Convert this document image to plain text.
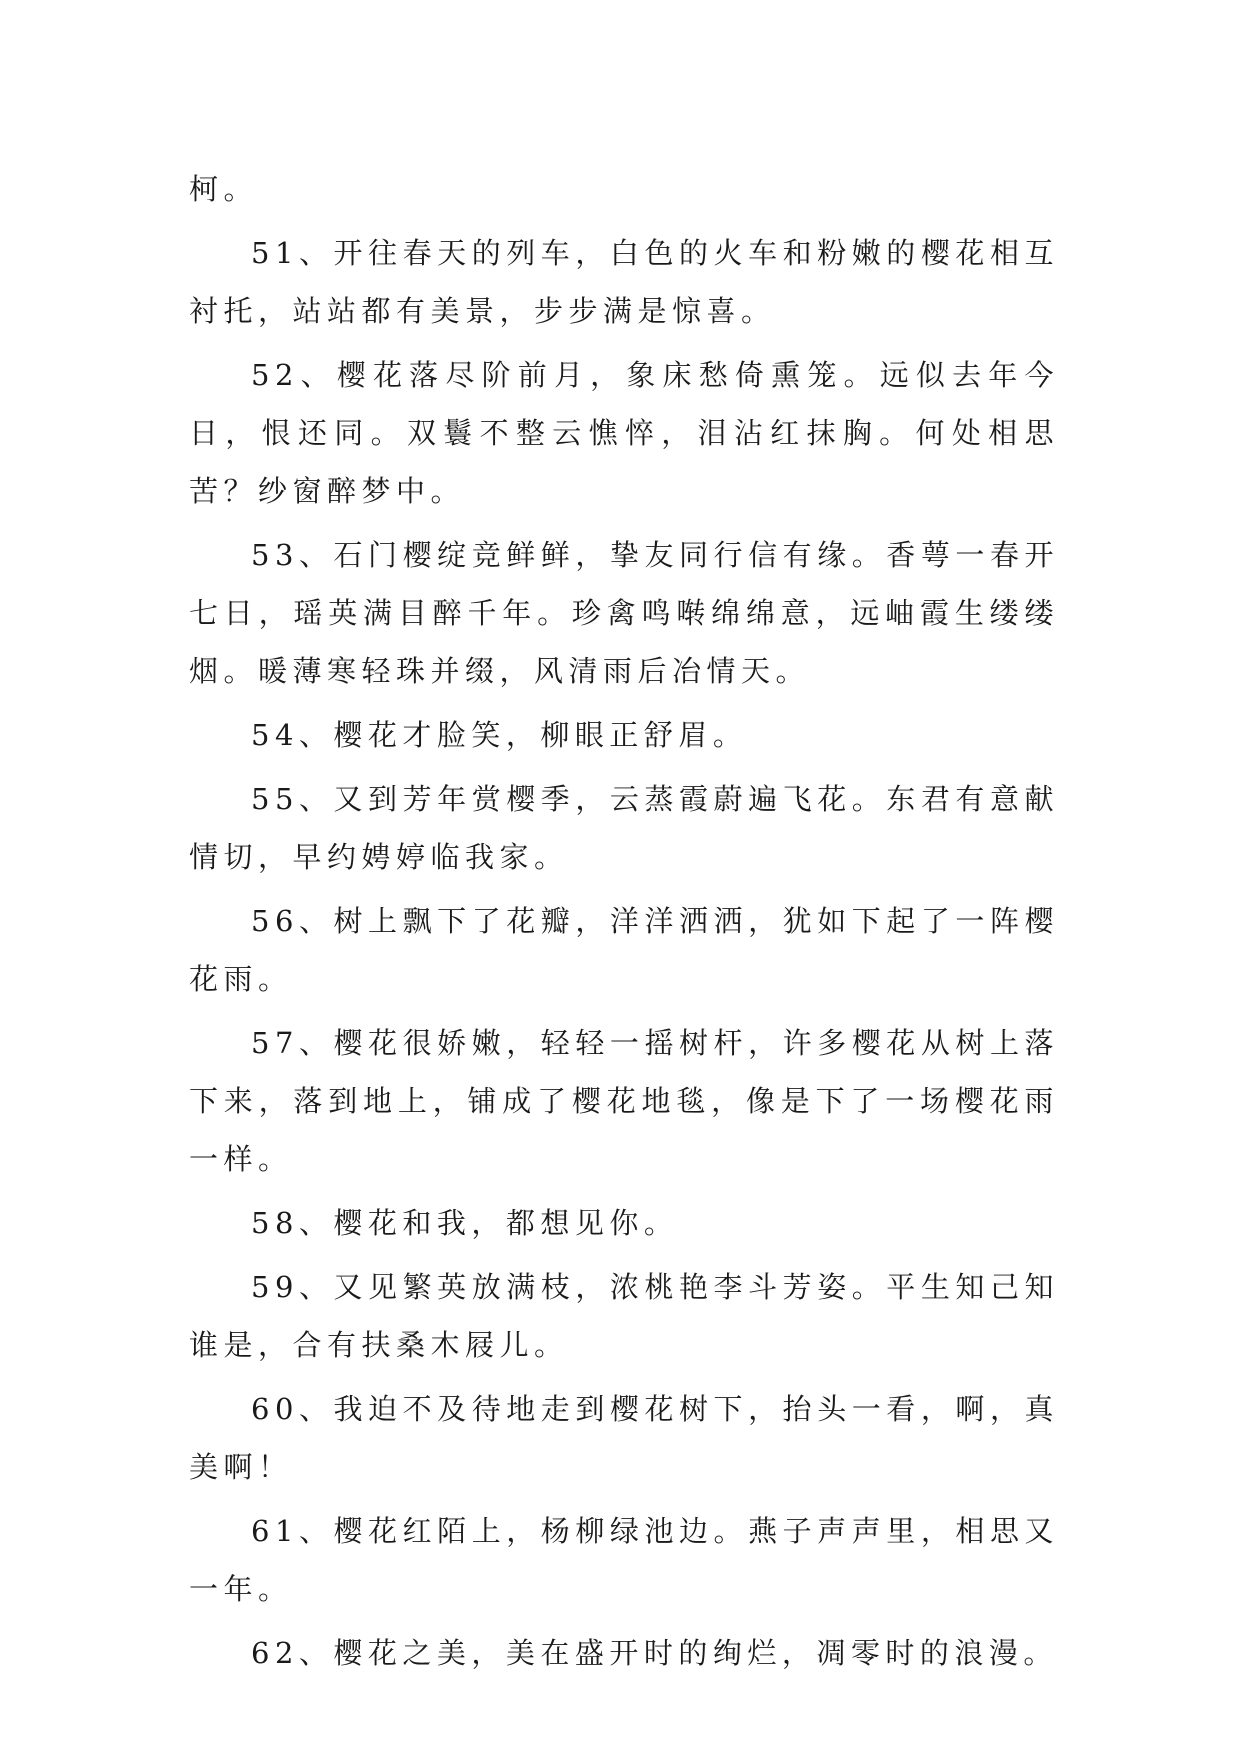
柯。

51、开往春天的列车，白色的火车和粉嫩的樱花相互衬托，站站都有美景，步步满是惊喜。

52、樱花落尽阶前月，象床愁倚熏笼。远似去年今日，恨还同。双鬟不整云憔悴，泪沾红抹胸。何处相思苦？纱窗醉梦中。

53、石门樱绽竞鲜鲜，挚友同行信有缘。香萼一春开七日，瑶英满目醉千年。珍禽鸣啭绵绵意，远岫霞生缕缕烟。暖薄寒轻珠并缀，风清雨后冶情天。

54、樱花才脸笑，柳眼正舒眉。

55、又到芳年赏樱季，云蒸霞蔚遍飞花。东君有意献情切，早约娉婷临我家。

56、树上飘下了花瓣，洋洋洒洒，犹如下起了一阵樱花雨。

57、樱花很娇嫩，轻轻一摇树杆，许多樱花从树上落下来，落到地上，铺成了樱花地毯，像是下了一场樱花雨一样。

58、樱花和我，都想见你。

59、又见繁英放满枝，浓桃艳李斗芳姿。平生知己知谁是，合有扶桑木屐儿。

60、我迫不及待地走到樱花树下，抬头一看，啊，真美啊！

61、樱花红陌上，杨柳绿池边。燕子声声里，相思又一年。

62、樱花之美，美在盛开时的绚烂，凋零时的浪漫。
